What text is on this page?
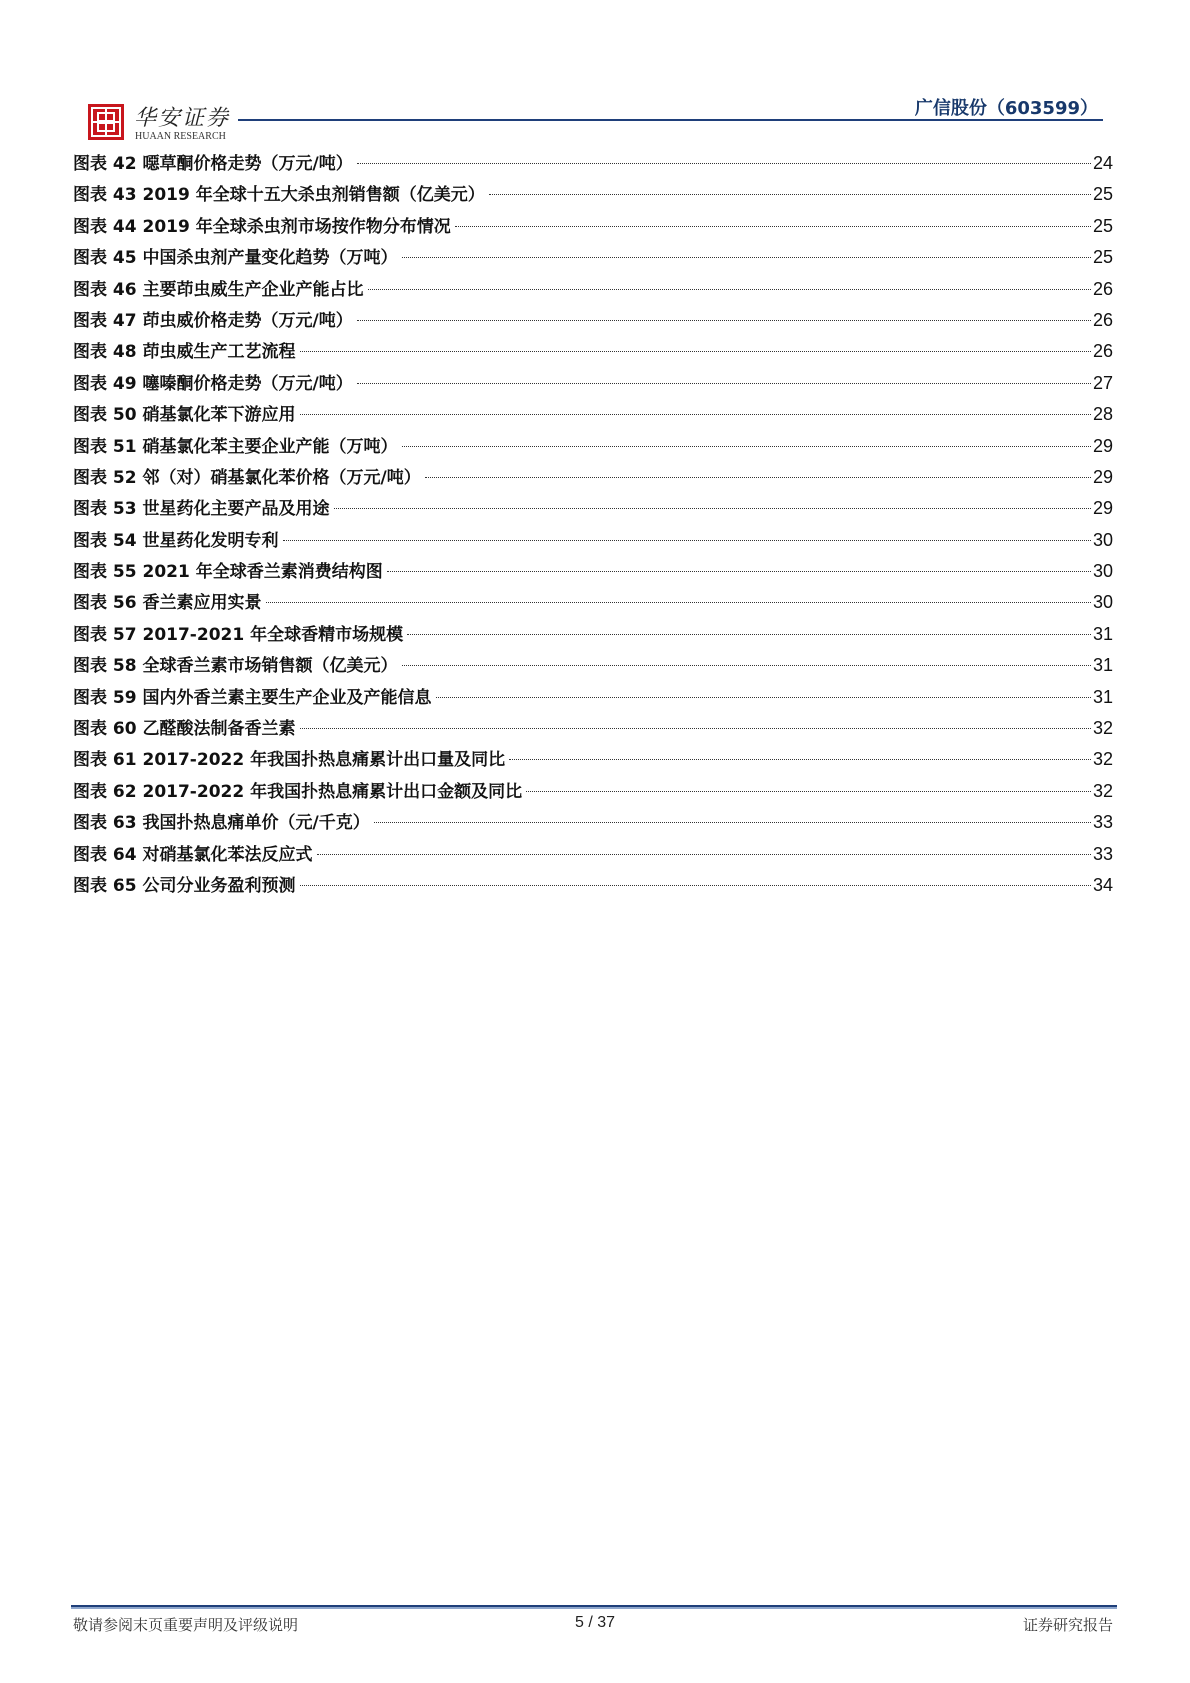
华安证券
HUAAN RESEARCH
广信股份（603599）
图表 42 噁草酮价格走势（万元/吨）	24
图表 43 2019 年全球十五大杀虫剂销售额（亿美元）	25
图表 44 2019 年全球杀虫剂市场按作物分布情况	25
图表 45 中国杀虫剂产量变化趋势（万吨）	25
图表 46 主要茚虫威生产企业产能占比	26
图表 47 茚虫威价格走势（万元/吨）	26
图表 48 茚虫威生产工艺流程	26
图表 49 噻嗪酮价格走势（万元/吨）	27
图表 50 硝基氯化苯下游应用	28
图表 51 硝基氯化苯主要企业产能（万吨）	29
图表 52 邻（对）硝基氯化苯价格（万元/吨）	29
图表 53 世星药化主要产品及用途	29
图表 54 世星药化发明专利	30
图表 55 2021 年全球香兰素消费结构图	30
图表 56 香兰素应用实景	30
图表 57 2017-2021 年全球香精市场规模	31
图表 58 全球香兰素市场销售额（亿美元）	31
图表 59 国内外香兰素主要生产企业及产能信息	31
图表 60 乙醛酸法制备香兰素	32
图表 61 2017-2022 年我国扑热息痛累计出口量及同比	32
图表 62 2017-2022 年我国扑热息痛累计出口金额及同比	32
图表 63 我国扑热息痛单价（元/千克）	33
图表 64 对硝基氯化苯法反应式	33
图表 65 公司分业务盈利预测	34
敬请参阅末页重要声明及评级说明	5 / 37	证券研究报告
